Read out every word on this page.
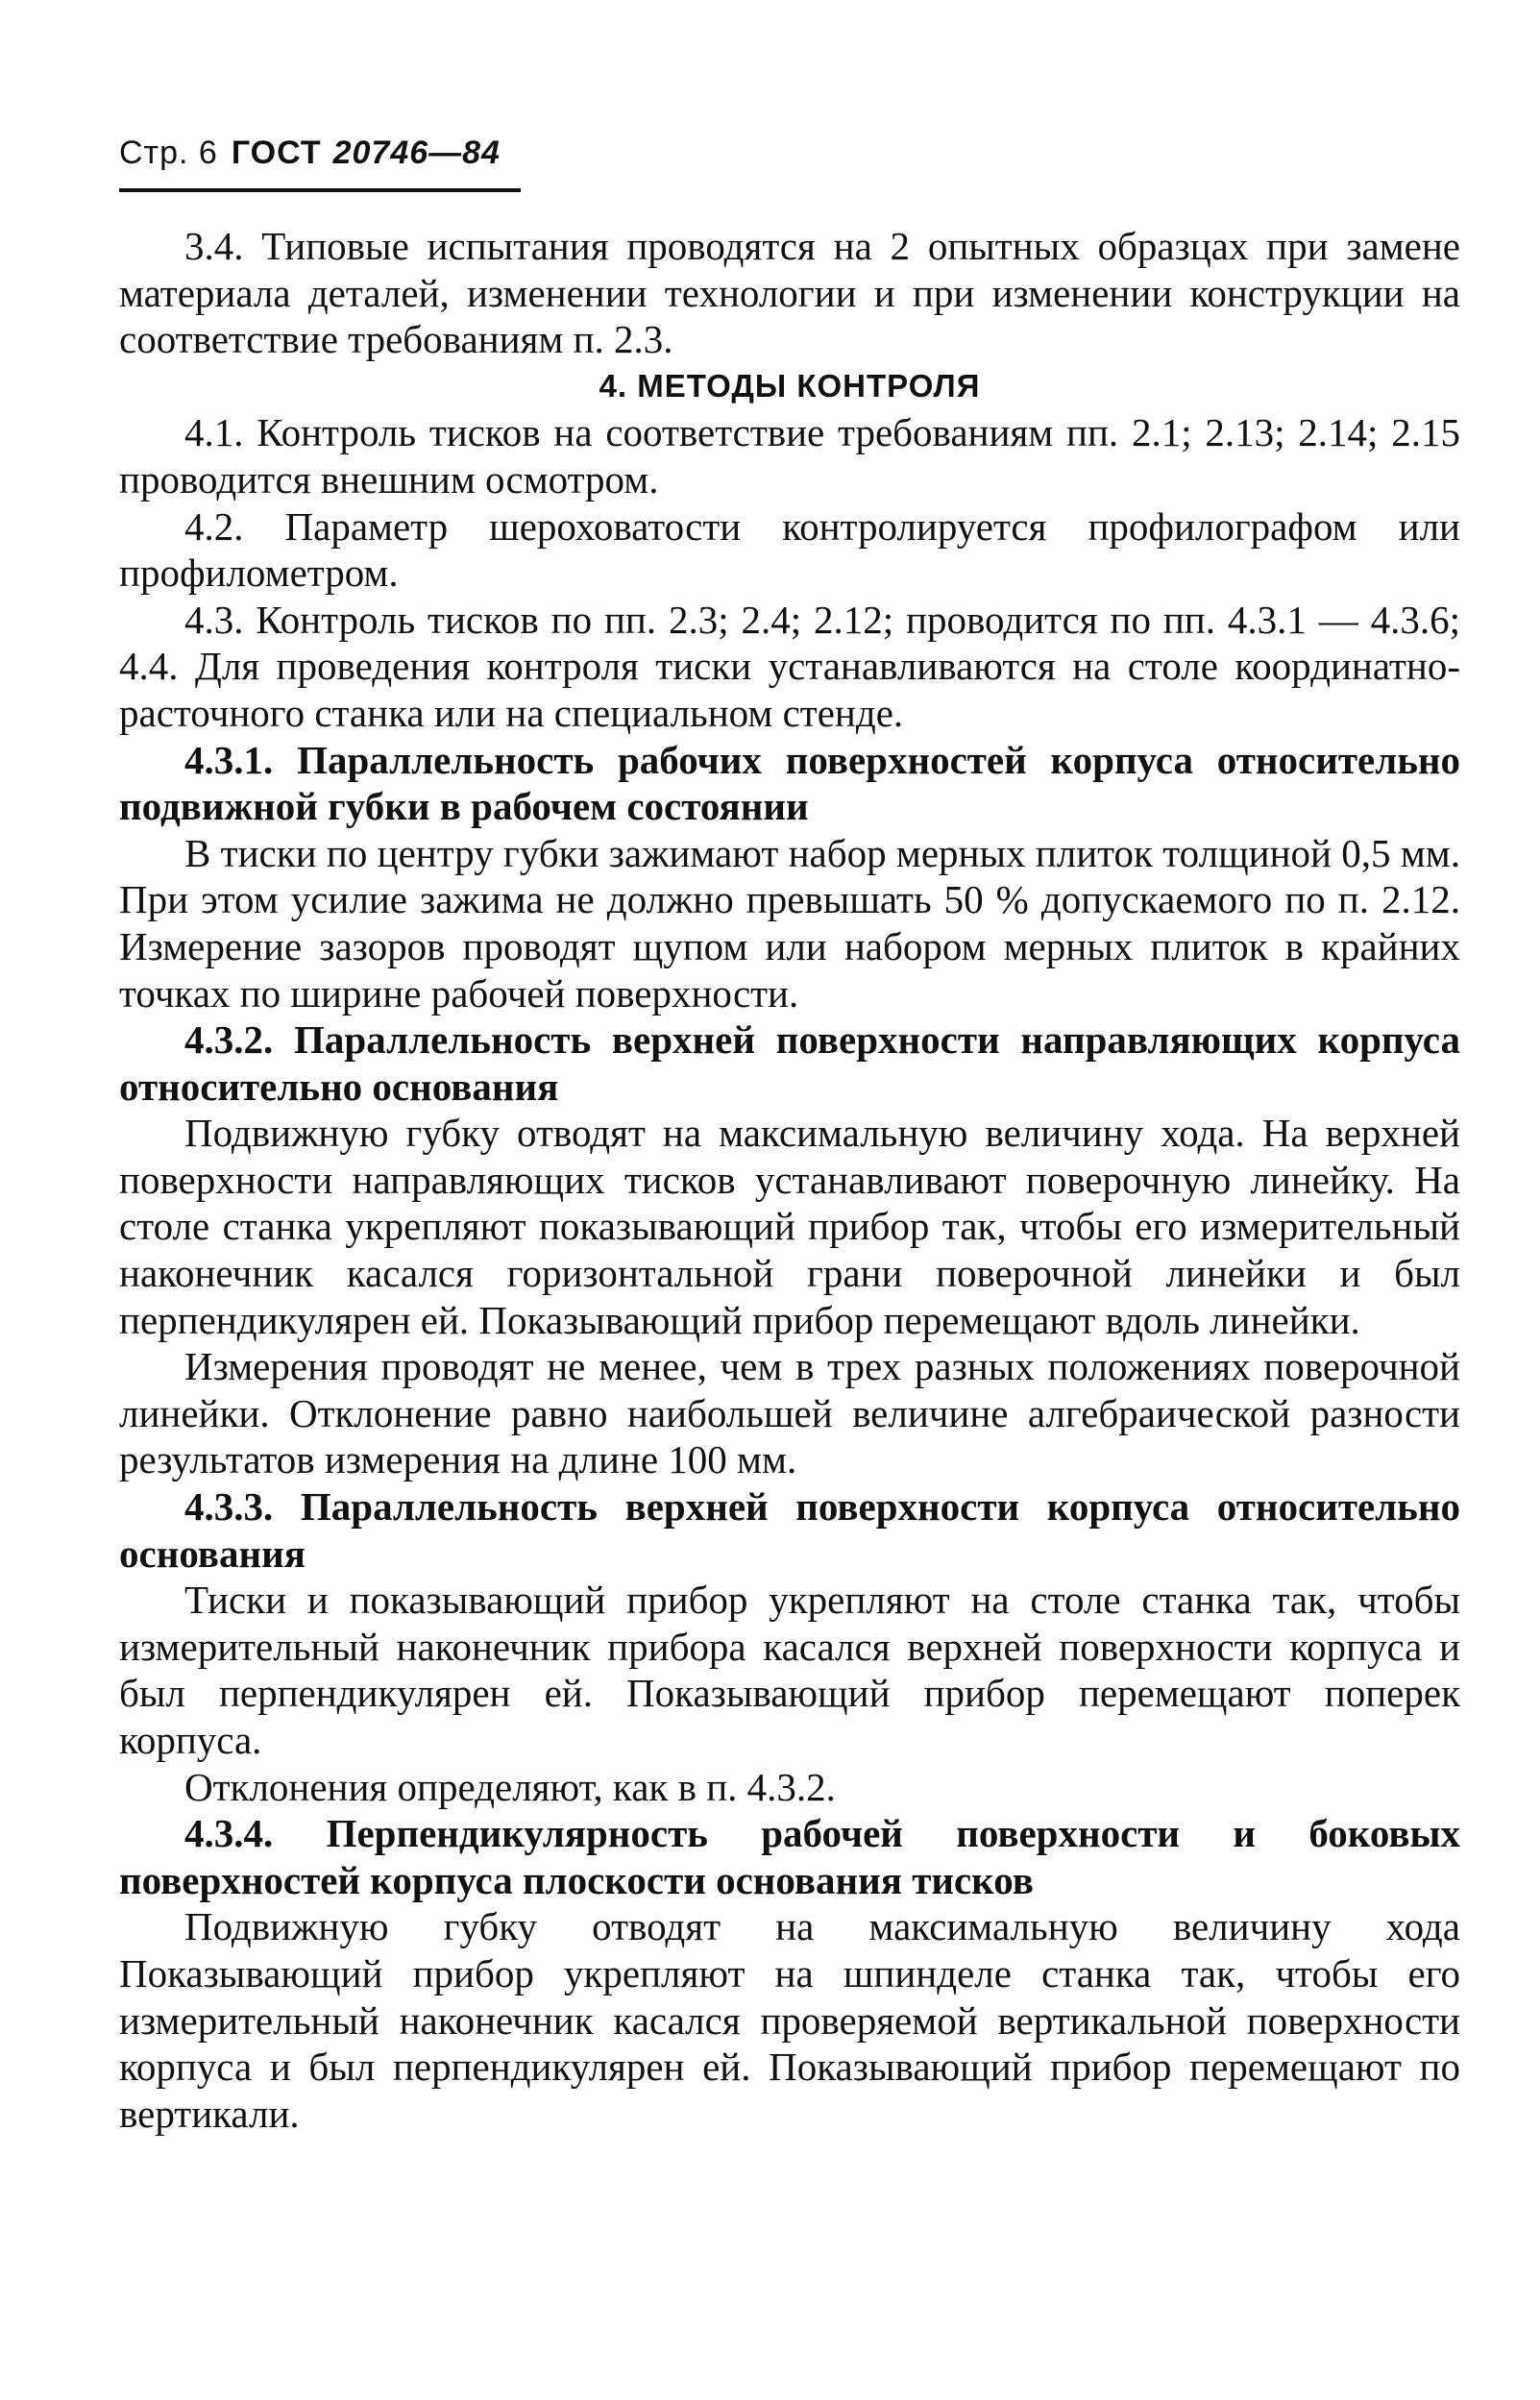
Стр. 6 ГОСТ 20746—84

3.4. Типовые испытания проводятся на 2 опытных образцах при замене материала деталей, изменении технологии и при изменении конструкции на соответствие требованиям п. 2.3.

4. МЕТОДЫ КОНТРОЛЯ

4.1. Контроль тисков на соответствие требованиям пп. 2.1; 2.13; 2.14; 2.15 проводится внешним осмотром.

4.2. Параметр шероховатости контролируется профилографом или профилометром.

4.3. Контроль тисков по пп. 2.3; 2.4; 2.12; проводится по пп. 4.3.1 — 4.3.6; 4.4. Для проведения контроля тиски устанавливаются на столе координатно-расточного станка или на специальном стенде.

4.3.1. Параллельность рабочих поверхностей корпуса относительно подвижной губки в рабочем состоянии

В тиски по центру губки зажимают набор мерных плиток толщиной 0,5 мм. При этом усилие зажима не должно превышать 50 % допускаемого по п. 2.12. Измерение зазоров проводят щупом или набором мерных плиток в крайних точках по ширине рабочей поверхности.

4.3.2. Параллельность верхней поверхности направляющих корпуса относительно основания

Подвижную губку отводят на максимальную величину хода. На верхней поверхности направляющих тисков устанавливают поверочную линейку. На столе станка укрепляют показывающий прибор так, чтобы его измерительный наконечник касался горизонтальной грани поверочной линейки и был перпендикулярен ей. Показывающий прибор перемещают вдоль линейки.

Измерения проводят не менее, чем в трех разных положениях поверочной линейки. Отклонение равно наибольшей величине алгебраической разности результатов измерения на длине 100 мм.

4.3.3. Параллельность верхней поверхности корпуса относительно основания

Тиски и показывающий прибор укрепляют на столе станка так, чтобы измерительный наконечник прибора касался верхней поверхности корпуса и был перпендикулярен ей. Показывающий прибор перемещают поперек корпуса.

Отклонения определяют, как в п. 4.3.2.

4.3.4. Перпендикулярность рабочей поверхности и боковых поверхностей корпуса плоскости основания тисков

Подвижную губку отводят на максимальную величину хода Показывающий прибор укрепляют на шпинделе станка так, чтобы его измерительный наконечник касался проверяемой вертикальной поверхности корпуса и был перпендикулярен ей. Показывающий прибор перемещают по вертикали.
